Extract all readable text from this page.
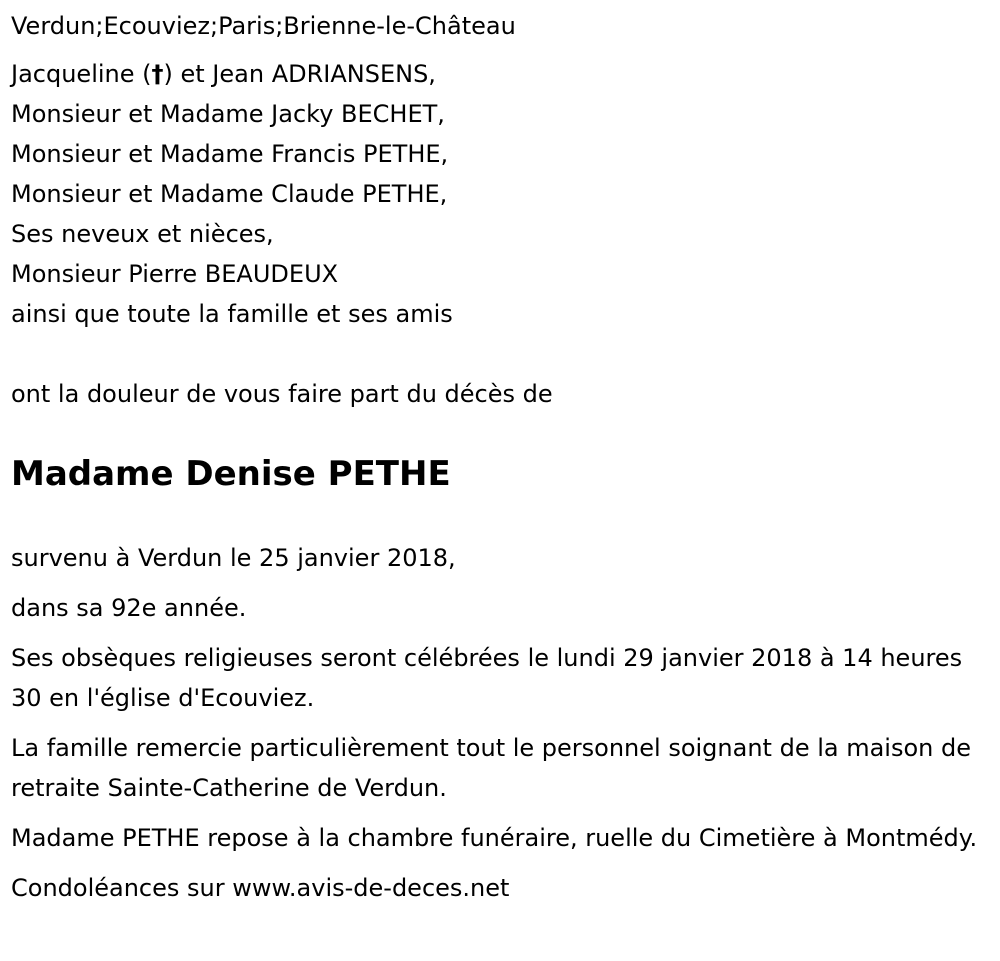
Verdun;Ecouviez;Paris;Brienne-le-Château
Jacqueline (†) et Jean ADRIANSENS,
Monsieur et Madame Jacky BECHET,
Monsieur et Madame Francis PETHE,
Monsieur et Madame Claude PETHE,
Ses neveux et nièces,
Monsieur Pierre BEAUDEUX
ainsi que toute la famille et ses amis
ont la douleur de vous faire part du décès de
Madame Denise PETHE
survenu à Verdun le 25 janvier 2018,
dans sa 92e année.
Ses obsèques religieuses seront célébrées le lundi 29 janvier 2018 à 14 heures 30 en l'église d'Ecouviez.
La famille remercie particulièrement tout le personnel soignant de la maison de retraite Sainte-Catherine de Verdun.
Madame PETHE repose à la chambre funéraire, ruelle du Cimetière à Montmédy.
Condoléances sur www.avis-de-deces.net
